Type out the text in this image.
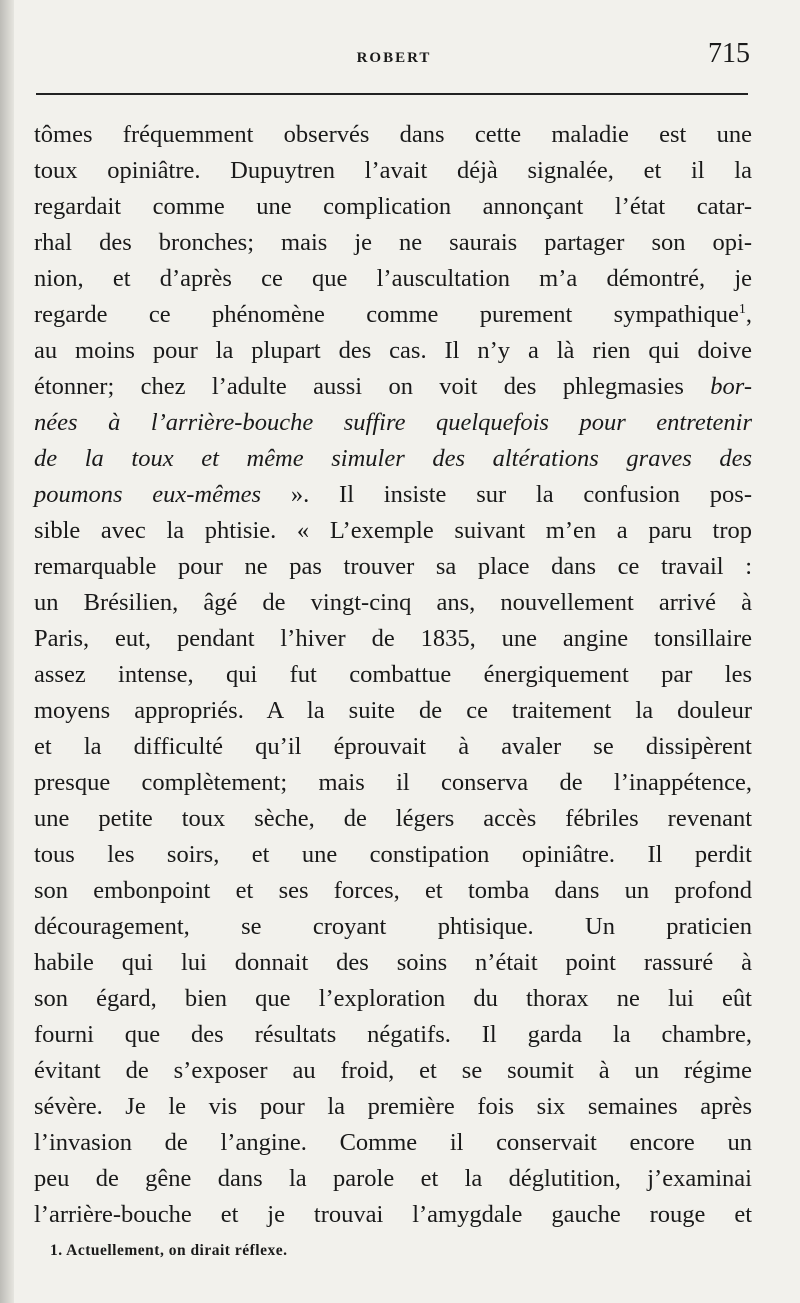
ROBERT	715
tômes fréquemment observés dans cette maladie est une
toux opiniâtre. Dupuytren l’avait déjà signalée, et il la
regardait comme une complication annonçant l’état catar-
rhal des bronches; mais je ne saurais partager son opi-
nion, et d’après ce que l’auscultation m’a démontré, je
regarde ce phénomène comme purement sympathique$^1$,
au moins pour la plupart des cas. Il n’y a là rien qui doive
étonner; chez l’adulte aussi on voit des phlegmasies bor-
nées à l’arrière-bouche suffire quelquefois pour entretenir
de la toux et même simuler des altérations graves des
poumons eux-mêmes ». Il insiste sur la confusion pos-
sible avec la phtisie. « L’exemple suivant m’en a paru trop
remarquable pour ne pas trouver sa place dans ce travail :
un Brésilien, âgé de vingt-cinq ans, nouvellement arrivé à
Paris, eut, pendant l’hiver de 1835, une angine tonsillaire
assez intense, qui fut combattue énergiquement par les
moyens appropriés. A la suite de ce traitement la douleur
et la difficulté qu’il éprouvait à avaler se dissipèrent
presque complètement; mais il conserva de l’inappétence,
une petite toux sèche, de légers accès fébriles revenant
tous les soirs, et une constipation opiniâtre. Il perdit
son embonpoint et ses forces, et tomba dans un profond
découragement, se croyant phtisique. Un praticien
habile qui lui donnait des soins n’était point rassuré à
son égard, bien que l’exploration du thorax ne lui eût
fourni que des résultats négatifs. Il garda la chambre,
évitant de s’exposer au froid, et se soumit à un régime
sévère. Je le vis pour la première fois six semaines après
l’invasion de l’angine. Comme il conservait encore un
peu de gêne dans la parole et la déglutition, j’examinai
l’arrière-bouche et je trouvai l’amygdale gauche rouge et
1. Actuellement, on dirait réflexe.
